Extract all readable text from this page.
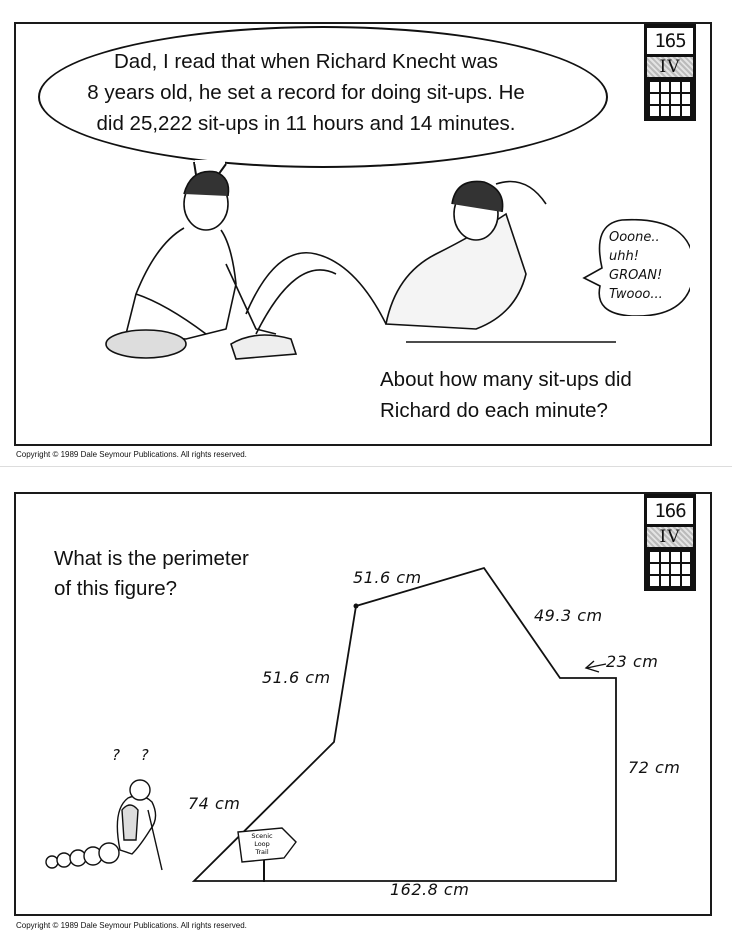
165
IV
Dad, I read that when Richard Knecht was
8 years old, he set a record for doing sit-ups. He
did 25,222 sit-ups in 11 hours and 14 minutes.
Ooone..
uhh!
GROAN!
Twooo...
About how many sit-ups did
Richard do each minute?
Copyright © 1989 Dale Seymour Publications. All rights reserved.
166
IV
What is the perimeter
of this figure?	51.6 cm
51.6 cm
49.3 cm
23 cm
72 cm
74 cm
162.8 cm
? ?
Scenic
Loop
Trail
Copyright © 1989 Dale Seymour Publications. All rights reserved.
